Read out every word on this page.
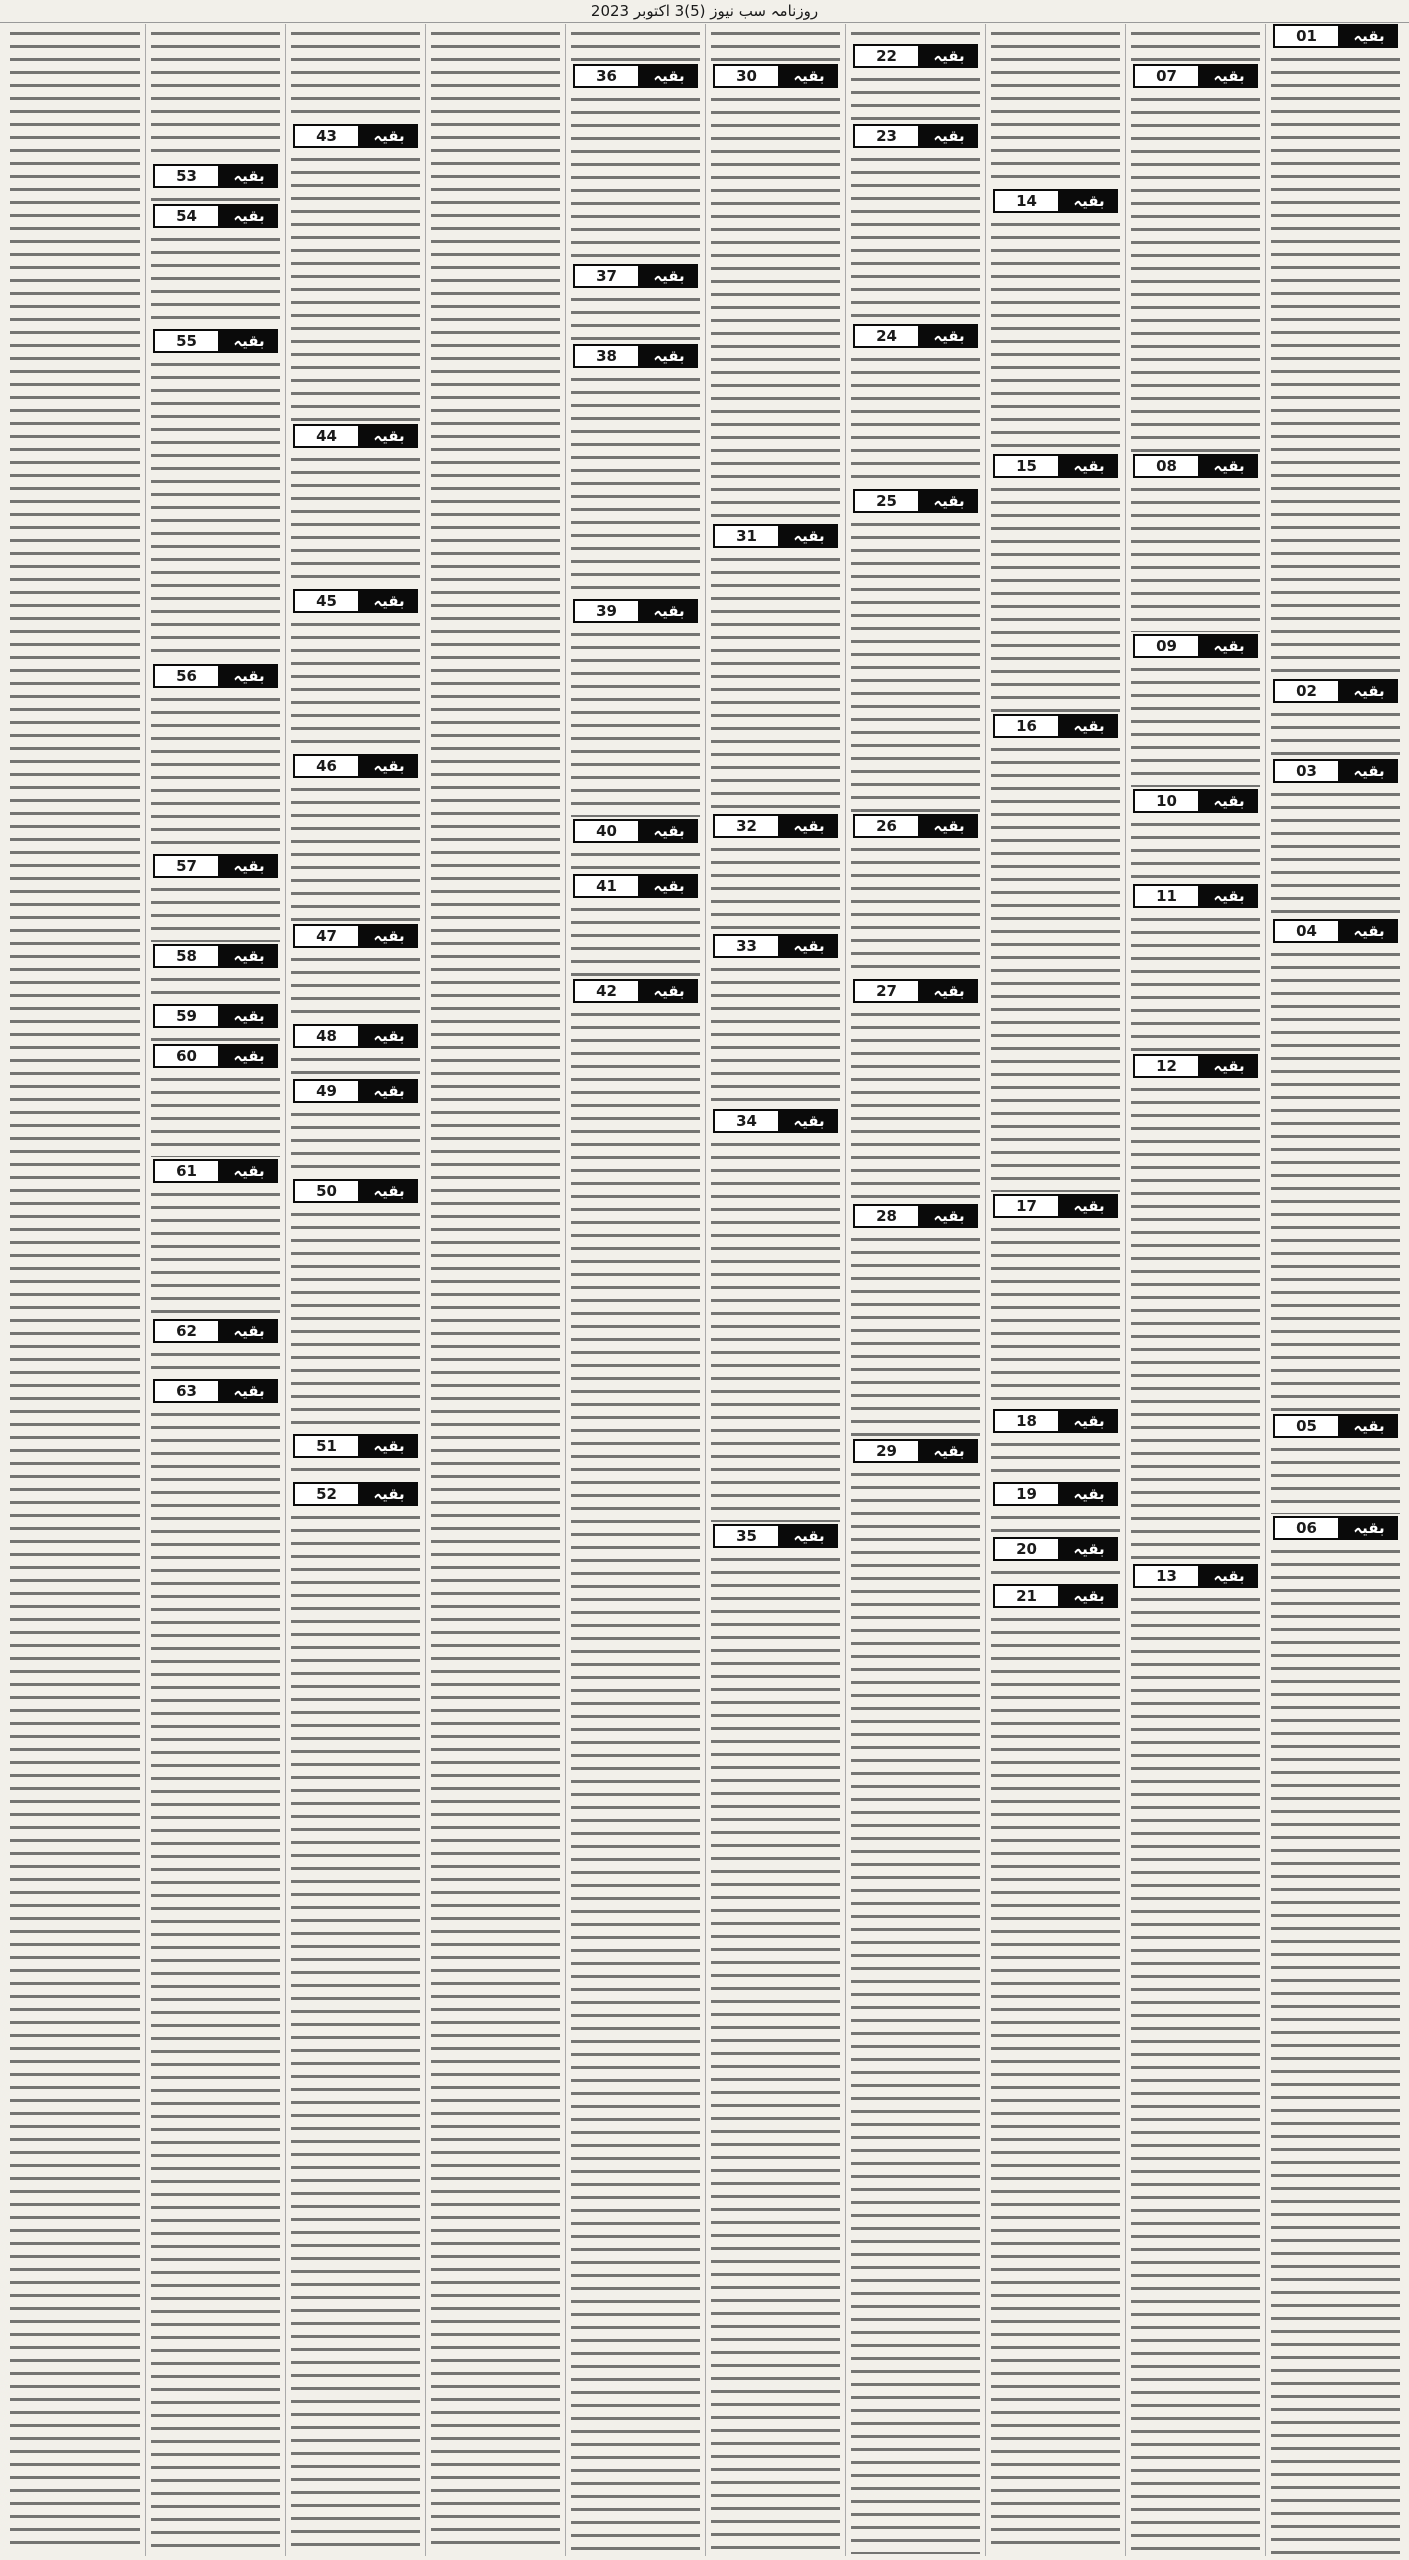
روزنامہ سب نیوز (5)3 اکتوبر 2023
بقیہ
01
بقیہ
02
بقیہ
03
بقیہ
04
بقیہ
05
بقیہ
06
بقیہ
07
بقیہ
08
بقیہ
09
بقیہ
10
بقیہ
11
بقیہ
12
بقیہ
13
بقیہ
14
بقیہ
15
بقیہ
16
بقیہ
17
بقیہ
18
بقیہ
19
بقیہ
20
بقیہ
21
بقیہ
22
بقیہ
23
بقیہ
24
بقیہ
25
بقیہ
26
بقیہ
27
بقیہ
28
بقیہ
29
بقیہ
30
بقیہ
31
بقیہ
32
بقیہ
33
بقیہ
34
بقیہ
35
بقیہ
36
بقیہ
37
بقیہ
38
بقیہ
39
بقیہ
40
بقیہ
41
بقیہ
42
بقیہ
43
بقیہ
44
بقیہ
45
بقیہ
46
بقیہ
47
بقیہ
48
بقیہ
49
بقیہ
50
بقیہ
51
بقیہ
52
بقیہ
53
بقیہ
54
بقیہ
55
بقیہ
56
بقیہ
57
بقیہ
58
بقیہ
59
بقیہ
60
بقیہ
61
بقیہ
62
بقیہ
63
